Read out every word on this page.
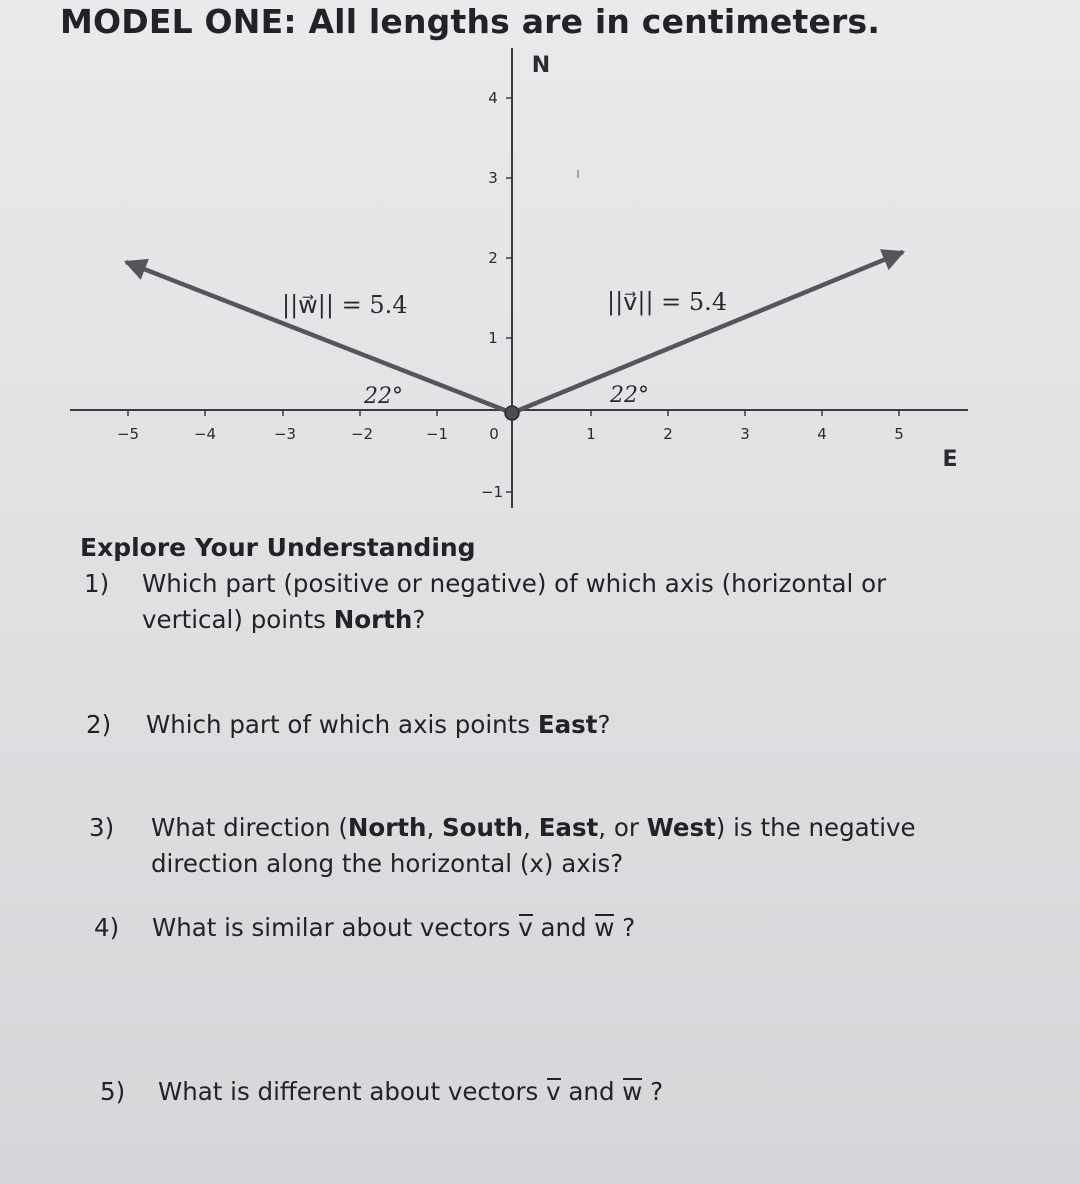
MODEL ONE: All lengths are in centimeters.
−5	−4	−3	−2	−1	0	1	2	3	4	5
4
3
2
1
−1
N
E
||w⃗|| = 5.4	||v⃗|| = 5.4
22°	22°
Explore Your Understanding
1) Which part (positive or negative) of which axis (horizontal or
vertical) points North?
2) Which part of which axis points East?
3) What direction (North, South, East, or West) is the negative
direction along the horizontal (x) axis?
4) What is similar about vectors v and w ?
5) What is different about vectors v and w ?
